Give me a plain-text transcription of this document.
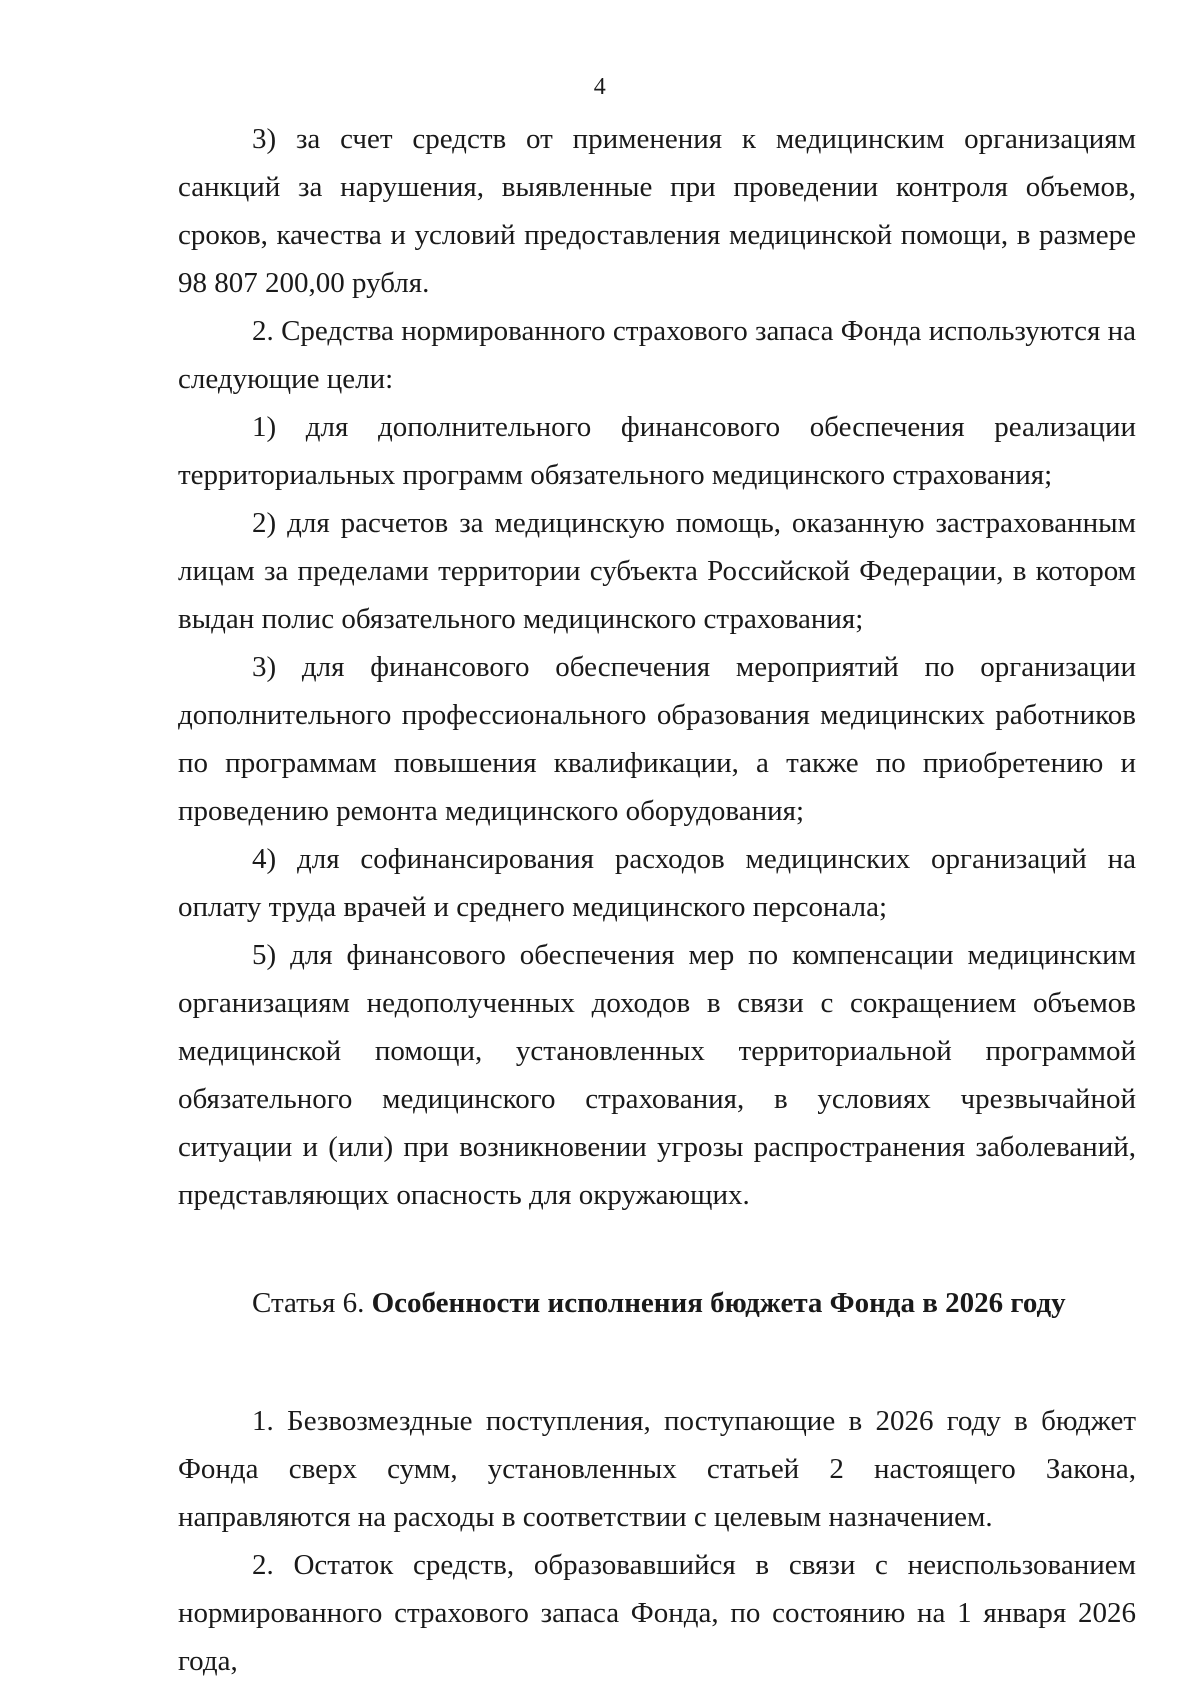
4

3) за счет средств от применения к медицинским организациям санкций за нарушения, выявленные при проведении контроля объемов, сроков, качества и условий предоставления медицинской помощи, в размере 98 807 200,00 рубля.

2. Средства нормированного страхового запаса Фонда используются на следующие цели:

1) для дополнительного финансового обеспечения реализации территориальных программ обязательного медицинского страхования;

2) для расчетов за медицинскую помощь, оказанную застрахованным лицам за пределами территории субъекта Российской Федерации, в котором выдан полис обязательного медицинского страхования;

3) для финансового обеспечения мероприятий по организации дополнительного профессионального образования медицинских работников по программам повышения квалификации, а также по приобретению и проведению ремонта медицинского оборудования;

4) для софинансирования расходов медицинских организаций на оплату труда врачей и среднего медицинского персонала;

5) для финансового обеспечения мер по компенсации медицинским организациям недополученных доходов в связи с сокращением объемов медицинской помощи, установленных территориальной программой обязательного медицинского страхования, в условиях чрезвычайной ситуации и (или) при возникновении угрозы распространения заболеваний, представляющих опасность для окружающих.

Статья 6. Особенности исполнения бюджета Фонда в 2026 году

1. Безвозмездные поступления, поступающие в 2026 году в бюджет Фонда сверх сумм, установленных статьей 2 настоящего Закона, направляются на расходы в соответствии с целевым назначением.

2. Остаток средств, образовавшийся в связи с неиспользованием нормированного страхового запаса Фонда, по состоянию на 1 января 2026 года,
